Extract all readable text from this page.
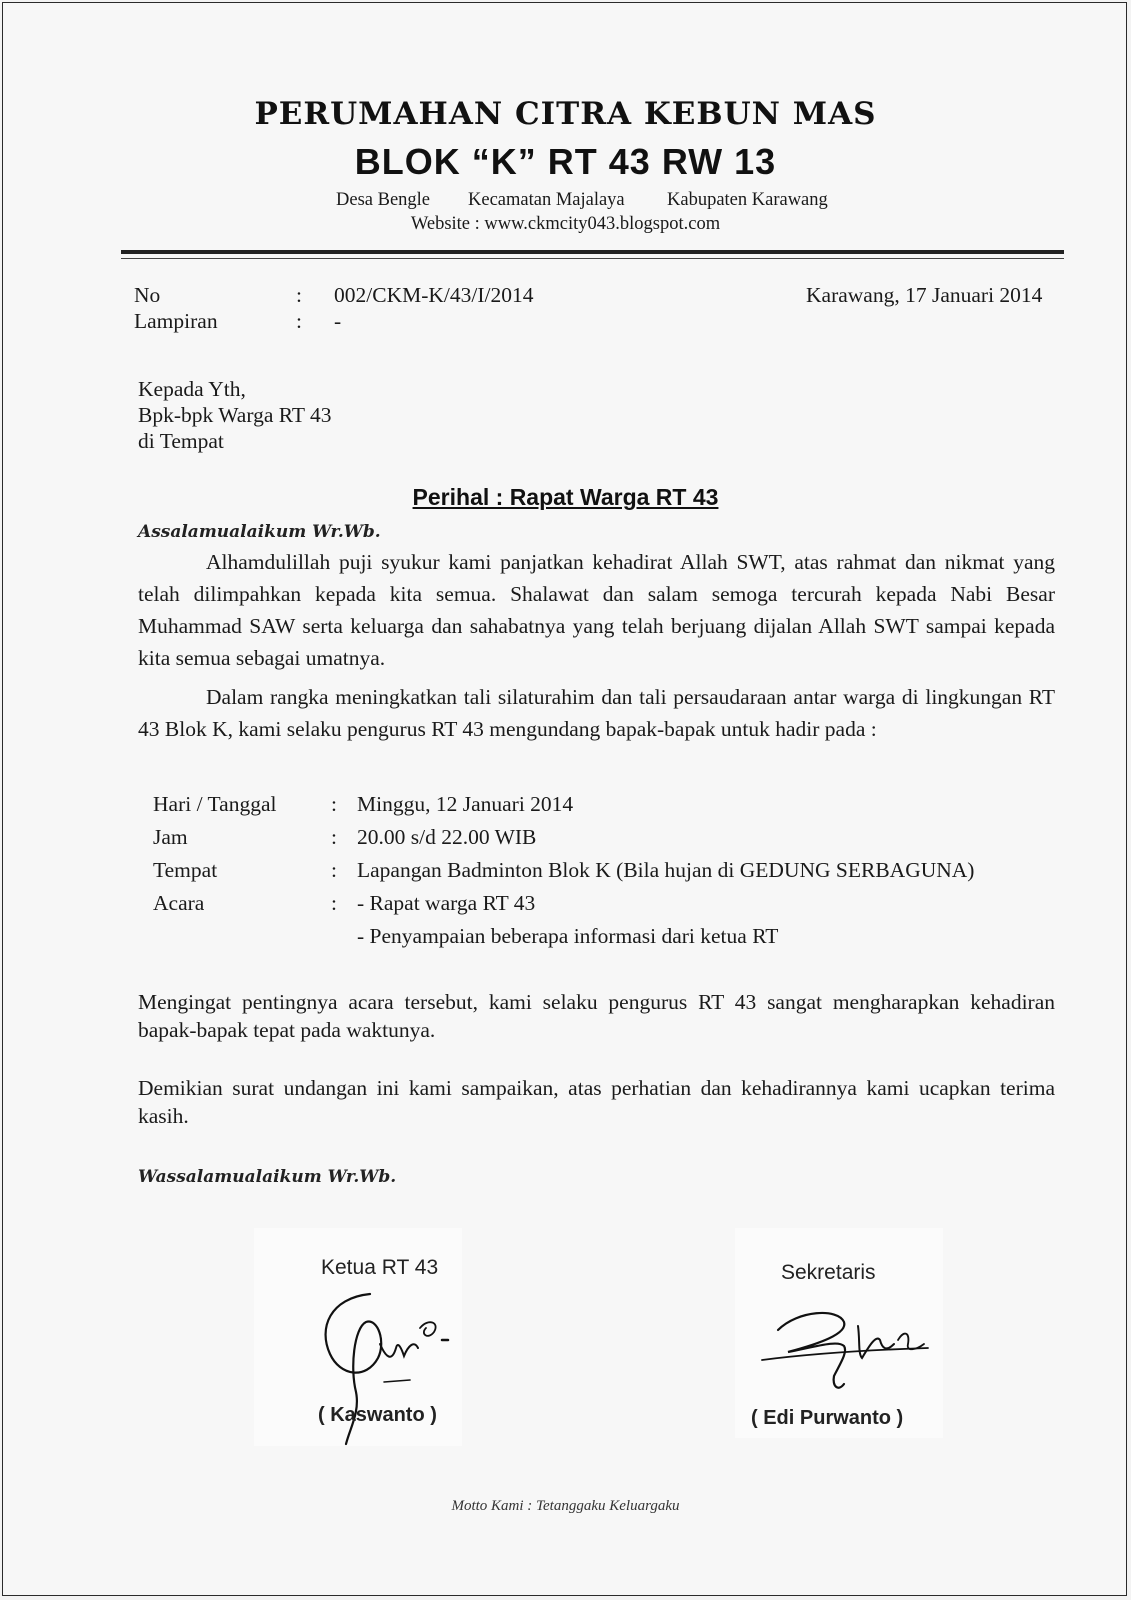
PERUMAHAN CITRA KEBUN MAS
BLOK “K” RT 43 RW 13
Desa Bengle Kecamatan Majalaya Kabupaten Karawang
Website : www.ckmcity043.blogspot.com
No	: 002/CKM-K/43/I/2014	Karawang, 17 Januari 2014
Lampiran	: -
Kepada Yth,
Bpk-bpk Warga RT 43
di Tempat
Perihal : Rapat Warga RT 43
Assalamualaikum Wr.Wb.
Alhamdulillah puji syukur kami panjatkan kehadirat Allah SWT, atas rahmat dan nikmat yang telah dilimpahkan kepada kita semua. Shalawat dan salam semoga tercurah kepada Nabi Besar Muhammad SAW serta keluarga dan sahabatnya yang telah berjuang dijalan Allah SWT sampai kepada kita semua sebagai umatnya.
Dalam rangka meningkatkan tali silaturahim dan tali persaudaraan antar warga di lingkungan RT 43 Blok K, kami selaku pengurus RT 43 mengundang bapak-bapak untuk hadir pada :
Hari / Tanggal	: Minggu, 12 Januari 2014
Jam	: 20.00 s/d 22.00 WIB
Tempat	: Lapangan Badminton Blok K (Bila hujan di GEDUNG SERBAGUNA)
Acara	: - Rapat warga RT 43
- Penyampaian beberapa informasi dari ketua RT
Mengingat pentingnya acara tersebut, kami selaku pengurus RT 43 sangat mengharapkan kehadiran bapak-bapak tepat pada waktunya.
Demikian surat undangan ini kami sampaikan, atas perhatian dan kehadirannya kami ucapkan terima kasih.
Wassalamualaikum Wr.Wb.
Ketua RT 43	Sekretaris
( Kaswanto )	( Edi Purwanto )
Motto Kami : Tetanggaku Keluargaku
